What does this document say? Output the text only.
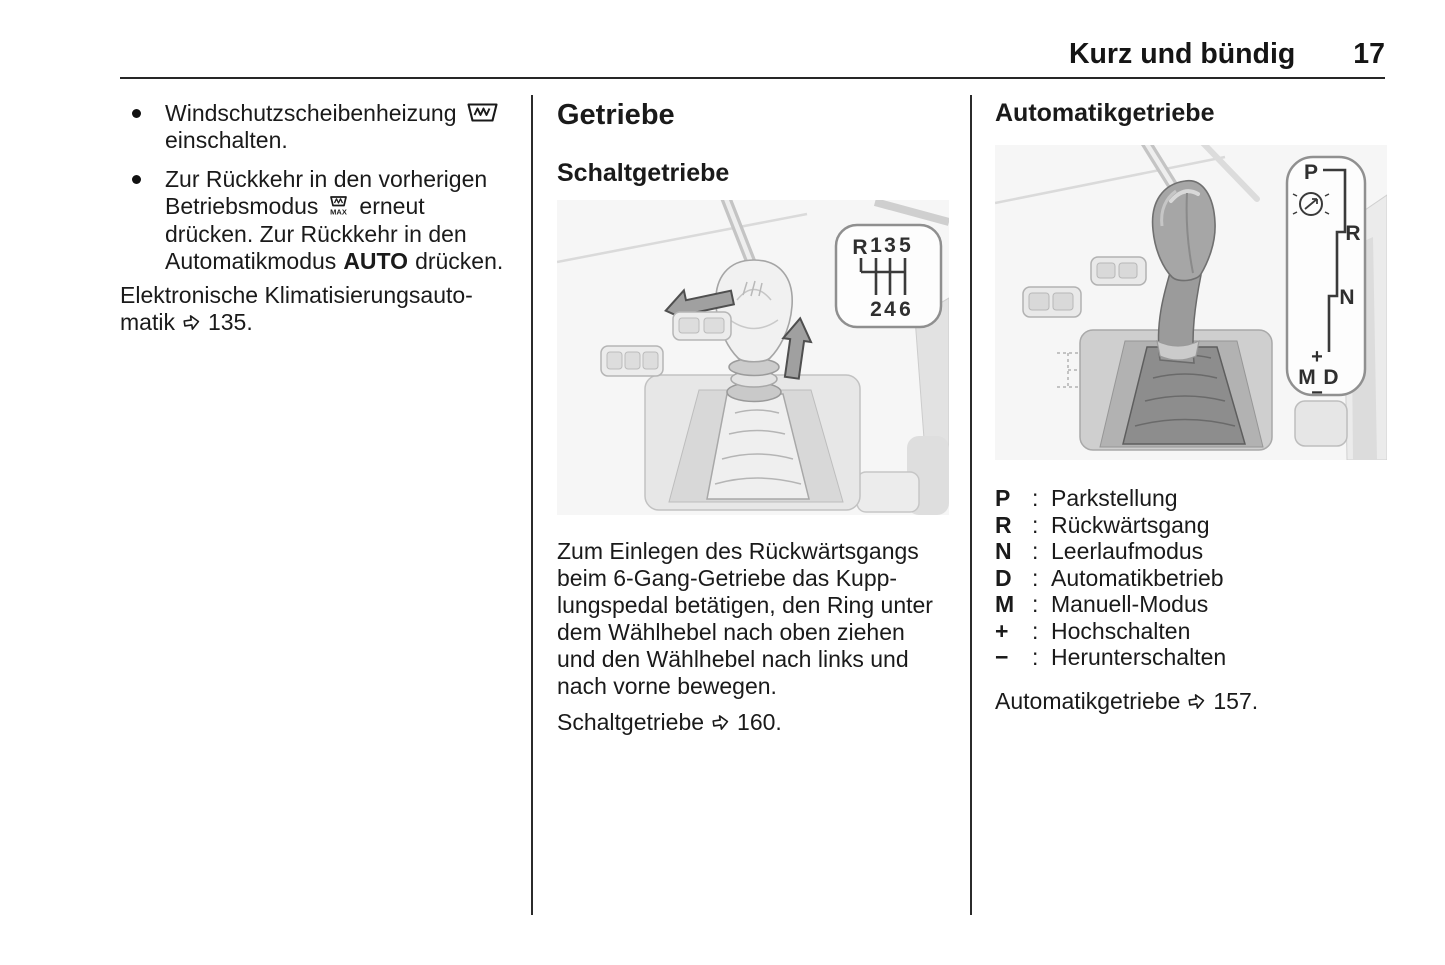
Kurz und bündig 17
Windschutzscheibenheizung
einschalten.
Zur Rückkehr in den vorherigen
Betriebsmodus MAX erneut
drücken. Zur Rückkehr in den
Automatikmodus AUTO drücken.
Elektronische Klimatisierungsauto-
matik 135.
Getriebe
Schaltgetriebe
R 1 3 5
2 4 6
Zum Einlegen des Rückwärtsgangs
beim 6-Gang-Getriebe das Kupp-
lungspedal betätigen, den Ring unter
dem Wählhebel nach oben ziehen
und den Wählhebel nach links und
nach vorne bewegen.
Schaltgetriebe 160.
Automatikgetriebe
P
R
N
+
M D
−
P : Parkstellung
R : Rückwärtsgang
N : Leerlaufmodus
D : Automatikbetrieb
M : Manuell-Modus
+	: Hochschalten
−	: Herunterschalten
Automatikgetriebe 157.
